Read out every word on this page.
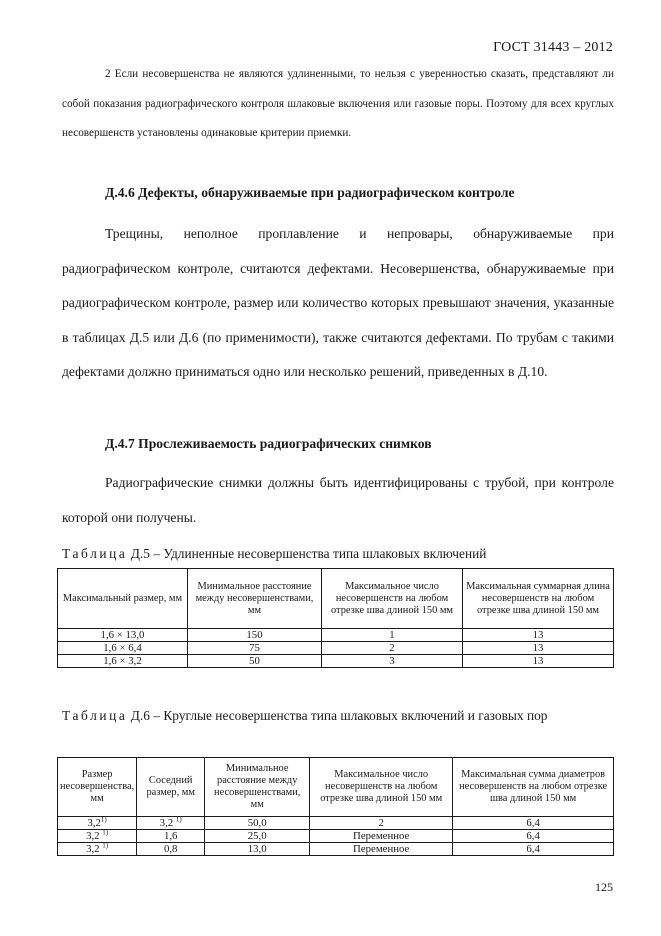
ГОСТ 31443 – 2012

2 Если несовершенства не являются удлиненными, то нельзя с уверенностью сказать, представляют ли собой показания радиографического контроля шлаковые включения или газовые поры. Поэтому для всех круглых несовершенств установлены одинаковые критерии приемки.

Д.4.6 Дефекты, обнаруживаемые при радиографическом контроле

Трещины, неполное проплавление и непровары, обнаруживаемые при радиографическом контроле, считаются дефектами. Несовершенства, обнаруживаемые при радиографическом контроле, размер или количество которых превышают значения, указанные в таблицах Д.5 или Д.6 (по применимости), также считаются дефектами. По трубам с такими дефектами должно приниматься одно или несколько решений, приведенных в Д.10.

Д.4.7 Прослеживаемость радиографических снимков

Радиографические снимки должны быть идентифицированы с трубой, при контроле которой они получены.

Таблица Д.5 – Удлиненные несовершенства типа шлаковых включений
Максимальный размер, мм	Минимальное расстояние между несовершенствами, мм	Максимальное число несовершенств на любом отрезке шва длиной 150 мм	Максимальная суммарная длина несовершенств на любом отрезке шва длиной 150 мм
1,6 × 13,0	150	1	13
1,6 × 6,4	75	2	13
1,6 × 3,2	50	3	13
Таблица Д.6 – Круглые несовершенства типа шлаковых включений и газовых пор
Размер несовершенства, мм	Соседний размер, мм	Минимальное расстояние между несовершенствами, мм	Максимальное число несовершенств на любом отрезке шва длиной 150 мм	Максимальная сумма диаметров несовершенств на любом отрезке шва длиной 150 мм
3,2$^{1)}$	3,2 $^{1)}$	50,0	2	6,4
3,2 $^{1)}$	1,6	25,0	Переменное	6,4
3,2 $^{1)}$	0,8	13,0	Переменное	6,4
125
